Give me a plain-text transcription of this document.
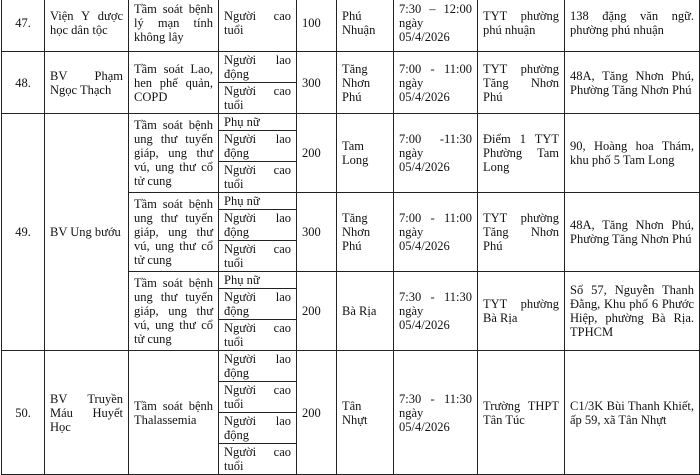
47.	Viện Y dược học dân tộc	Tầm soát bệnh lý mạn tính không lây	Người cao tuổi	100	Phú Nhuận	7:30 – 12:00 ngày 05/4/2026	TYT phường phú nhuận	138 đặng văn ngữ. phường phú nhuận
48.	BV Phạm Ngọc Thạch	Tầm soát Lao, hen phế quản, COPD	Người lao động	300	Tăng Nhơn Phú	7:00 - 11:00 ngày 05/4/2026	TYT phường Tăng Nhơn Phú	48A, Tăng Nhơn Phú, Phường Tăng Nhơn Phú
			Người cao tuổi					
49.	BV Ung bướu	Tầm soát bệnh ung thư tuyến giáp, ung thư vú, ung thư cổ tử cung	Phụ nữ	200	Tam Long	7:00 -11:30 ngày 05/4/2026	Điểm 1 TYT Phường Tam Long	90, Hoàng hoa Thám, khu phố 5 Tam Long
			Người lao động					
			Người cao tuổi					
		Tầm soát bệnh ung thư tuyến giáp, ung thư vú, ung thư cổ tử cung	Phụ nữ	300	Tăng Nhơn Phú	7:00 - 11:00 ngày 05/4/2026	TYT phường Tăng Nhơn Phú	48A, Tăng Nhơn Phú, Phường Tăng Nhơn Phú
			Người lao động					
			Người cao tuổi					
		Tầm soát bệnh ung thư tuyến giáp, ung thư vú, ung thư cổ tử cung	Phụ nữ	200	Bà Rịa	7:30 - 11:30 ngày 05/4/2026	TYT phường Bà Rịa	Số 57, Nguyễn Thanh Đằng, Khu phố 6 Phước Hiệp, phường Bà Rịa. TPHCM
			Người lao động					
			Người cao tuổi					
50.	BV Truyền Máu Huyết Học	Tầm soát bệnh Thalassemia	Người lao động	200	Tân Nhựt	7:30 - 11:30 ngày 05/4/2026	Trường THPT Tân Túc	C1/3K Bùi Thanh Khiết, ấp 59, xã Tân Nhựt
			Người cao tuổi					
			Người lao động					
			Người cao tuổi					
